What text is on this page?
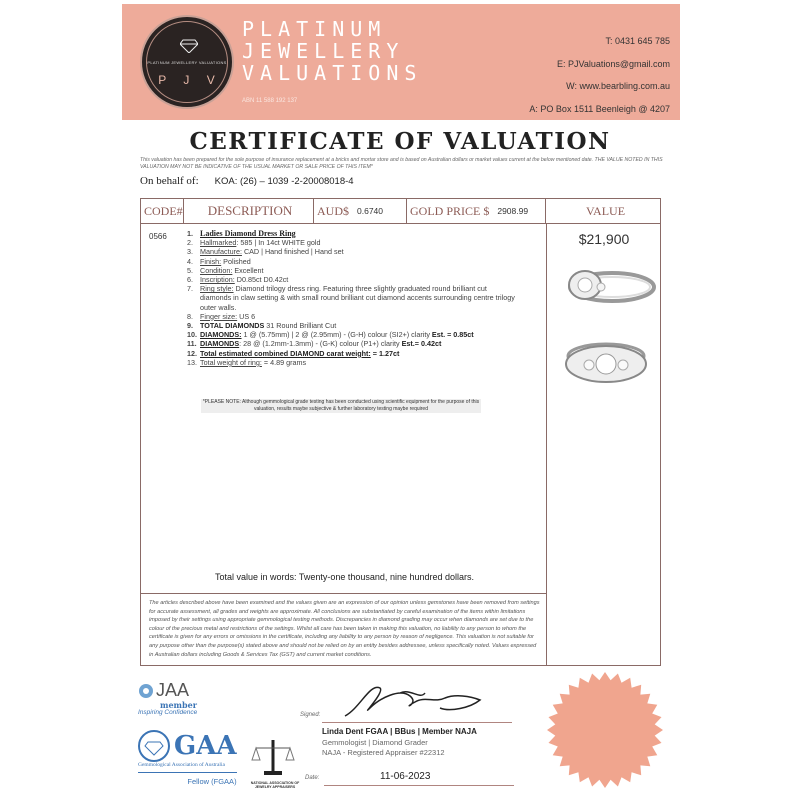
PLATINUM JEWELLERY VALUATIONS
P J V
PLATINUM
JEWELLERY
VALUATIONS
ABN 11 588 192 137
T: 0431 645 785
E: PJValuations@gmail.com
W: www.bearbling.com.au
A: PO Box 1511 Beenleigh @ 4207
CERTIFICATE OF VALUATION
This valuation has been prepared for the sole purpose of insurance replacement at a bricks and mortar store and is based on Australian dollars or market values current at the below mentioned date. THE VALUE NOTED IN THIS VALUATION MAY NOT BE INDICATIVE OF THE USUAL MARKET OR SALE PRICE OF THIS ITEM*
On behalf of: KOA: (26) – 1039 -2-20008018-4
CODE#	DESCRIPTION	AUD$ 0.6740 GOLD PRICE $ 2908.99	VALUE
0566	1. Ladies Diamond Dress Ring
2. Hallmarked: 585 | In 14ct WHITE gold
3. Manufacture: CAD | Hand finished | Hand set
4. Finish: Polished
5. Condition: Excellent
6. Inscription: D0.85ct D0.42ct
7. Ring style: Diamond trilogy dress ring. Featuring three slightly graduated round brilliant cut diamonds in claw setting & with small round brilliant cut diamond accents surrounding centre trilogy outer walls.
8. Finger size: US 6
9. TOTAL DIAMONDS 31 Round Brilliant Cut
10. DIAMONDS: 1 @ (5.75mm) | 2 @ (2.95mm) - (G-H) colour (SI2+) clarity Est. = 0.85ct
11. DIAMONDS: 28 @ (1.2mm-1.3mm) - (G-K) colour (P1+) clarity Est.= 0.42ct
12. Total estimated combined DIAMOND carat weight: = 1.27ct
13. Total weight of ring: = 4.89 grams
*PLEASE NOTE: Although gemmological grade testing has been conducted using scientific equipment for the purpose of this valuation, results maybe subjective & further laboratory testing maybe required
Total value in words: Twenty-one thousand, nine hundred dollars.
The articles described above have been examined and the values given are an expression of our opinion unless gemstones have been removed from settings for accurate assessment, all grades and weights are approximate. All conclusions are substantiated by careful examination of the items within limitations imposed by their settings using appropriate gemmological testing methods. Discrepancies in diamond grading may occur when diamonds are set due to the colour of the precious metal and restrictions of the settings. Whilst all care has been taken in making this valuation, no liability to any person to whom the certificate is given for any errors or omissions in the certificate, including any liability to any person by reason of negligence. This valuation is not suitable for any purpose other than the purpose(s) stated above and should not be relied on by an entity besides addressee, unless specifically noted. Values expressed in Australian dollars including Goods & Services Tax (GST) and current market conditions.
$21,900
JAA
member
Inspiring Confidence
GAA
Gemmological Association of Australia
Fellow (FGAA)	NATIONAL ASSOCIATION OF JEWELRY APPRAISERS
Signed:
Linda Dent FGAA | BBus | Member NAJA
Gemmologist | Diamond Grader
NAJA - Registered Appraiser #22312
Date:	11-06-2023
